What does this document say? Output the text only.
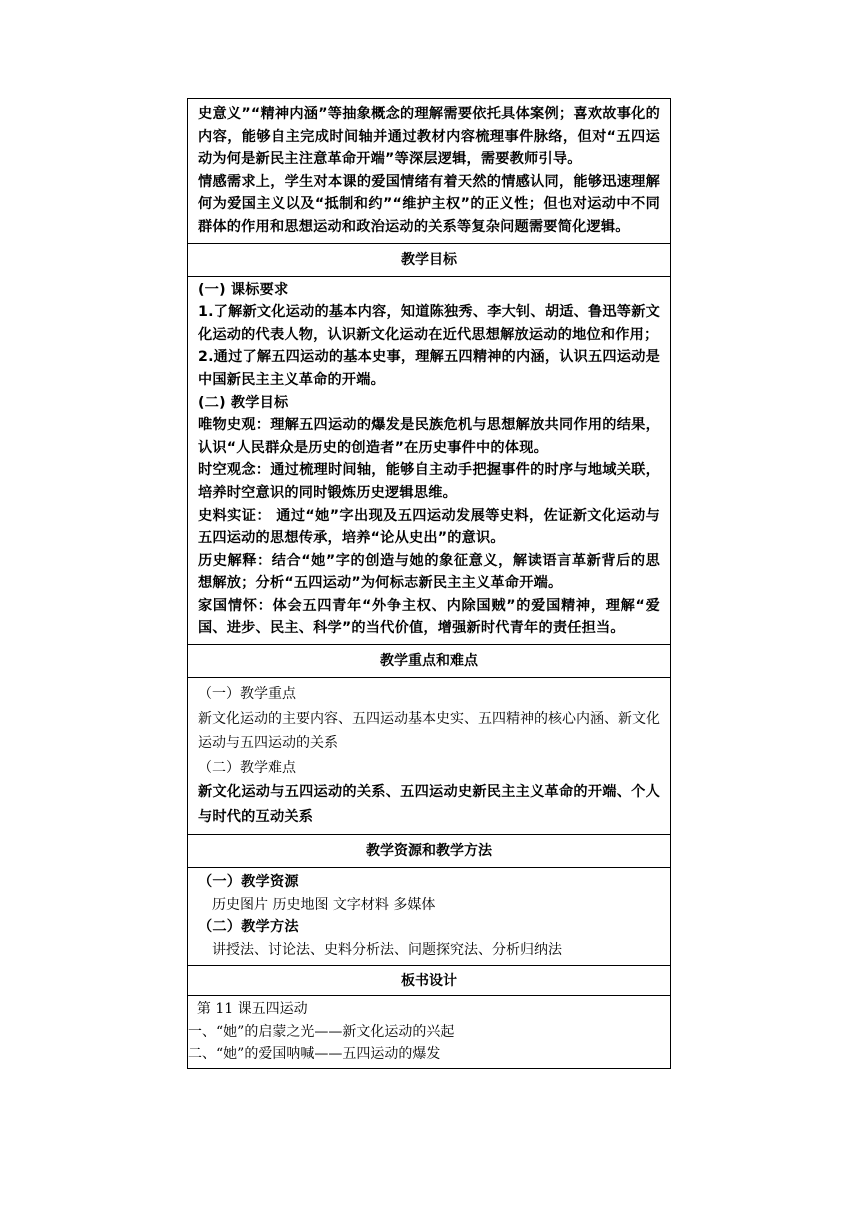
史意义”“精神内涵”等抽象概念的理解需要依托具体案例；喜欢故事化的内容，能够自主完成时间轴并通过教材内容梳理事件脉络，但对“五四运动为何是新民主注意革命开端”等深层逻辑，需要教师引导。

情感需求上，学生对本课的爱国情绪有着天然的情感认同，能够迅速理解何为爱国主义以及“抵制和约”“维护主权”的正义性；但也对运动中不同群体的作用和思想运动和政治运动的关系等复杂问题需要简化逻辑。

教学目标

(一) 课标要求

1.了解新文化运动的基本内容，知道陈独秀、李大钊、胡适、鲁迅等新文化运动的代表人物，认识新文化运动在近代思想解放运动的地位和作用；

2.通过了解五四运动的基本史事，理解五四精神的内涵，认识五四运动是中国新民主主义革命的开端。

(二) 教学目标

唯物史观：理解五四运动的爆发是民族危机与思想解放共同作用的结果，认识“人民群众是历史的创造者”在历史事件中的体现。

时空观念：通过梳理时间轴，能够自主动手把握事件的时序与地域关联，培养时空意识的同时锻炼历史逻辑思维。

史料实证： 通过“她”字出现及五四运动发展等史料，佐证新文化运动与五四运动的思想传承，培养“论从史出”的意识。

历史解释：结合“她”字的创造与她的象征意义，解读语言革新背后的思想解放；分析“五四运动”为何标志新民主主义革命开端。

家国情怀：体会五四青年“外争主权、内除国贼”的爱国精神，理解“爱国、进步、民主、科学”的当代价值，增强新时代青年的责任担当。

教学重点和难点

（一）教学重点

新文化运动的主要内容、五四运动基本史实、五四精神的核心内涵、新文化运动与五四运动的关系

（二）教学难点

新文化运动与五四运动的关系、五四运动史新民主主义革命的开端、个人与时代的互动关系

教学资源和教学方法

（一）教学资源

历史图片 历史地图 文字材料 多媒体

（二）教学方法

讲授法、讨论法、史料分析法、问题探究法、分析归纳法

板书设计

第 11 课五四运动

一、“她”的启蒙之光——新文化运动的兴起

二、“她”的爱国呐喊——五四运动的爆发
